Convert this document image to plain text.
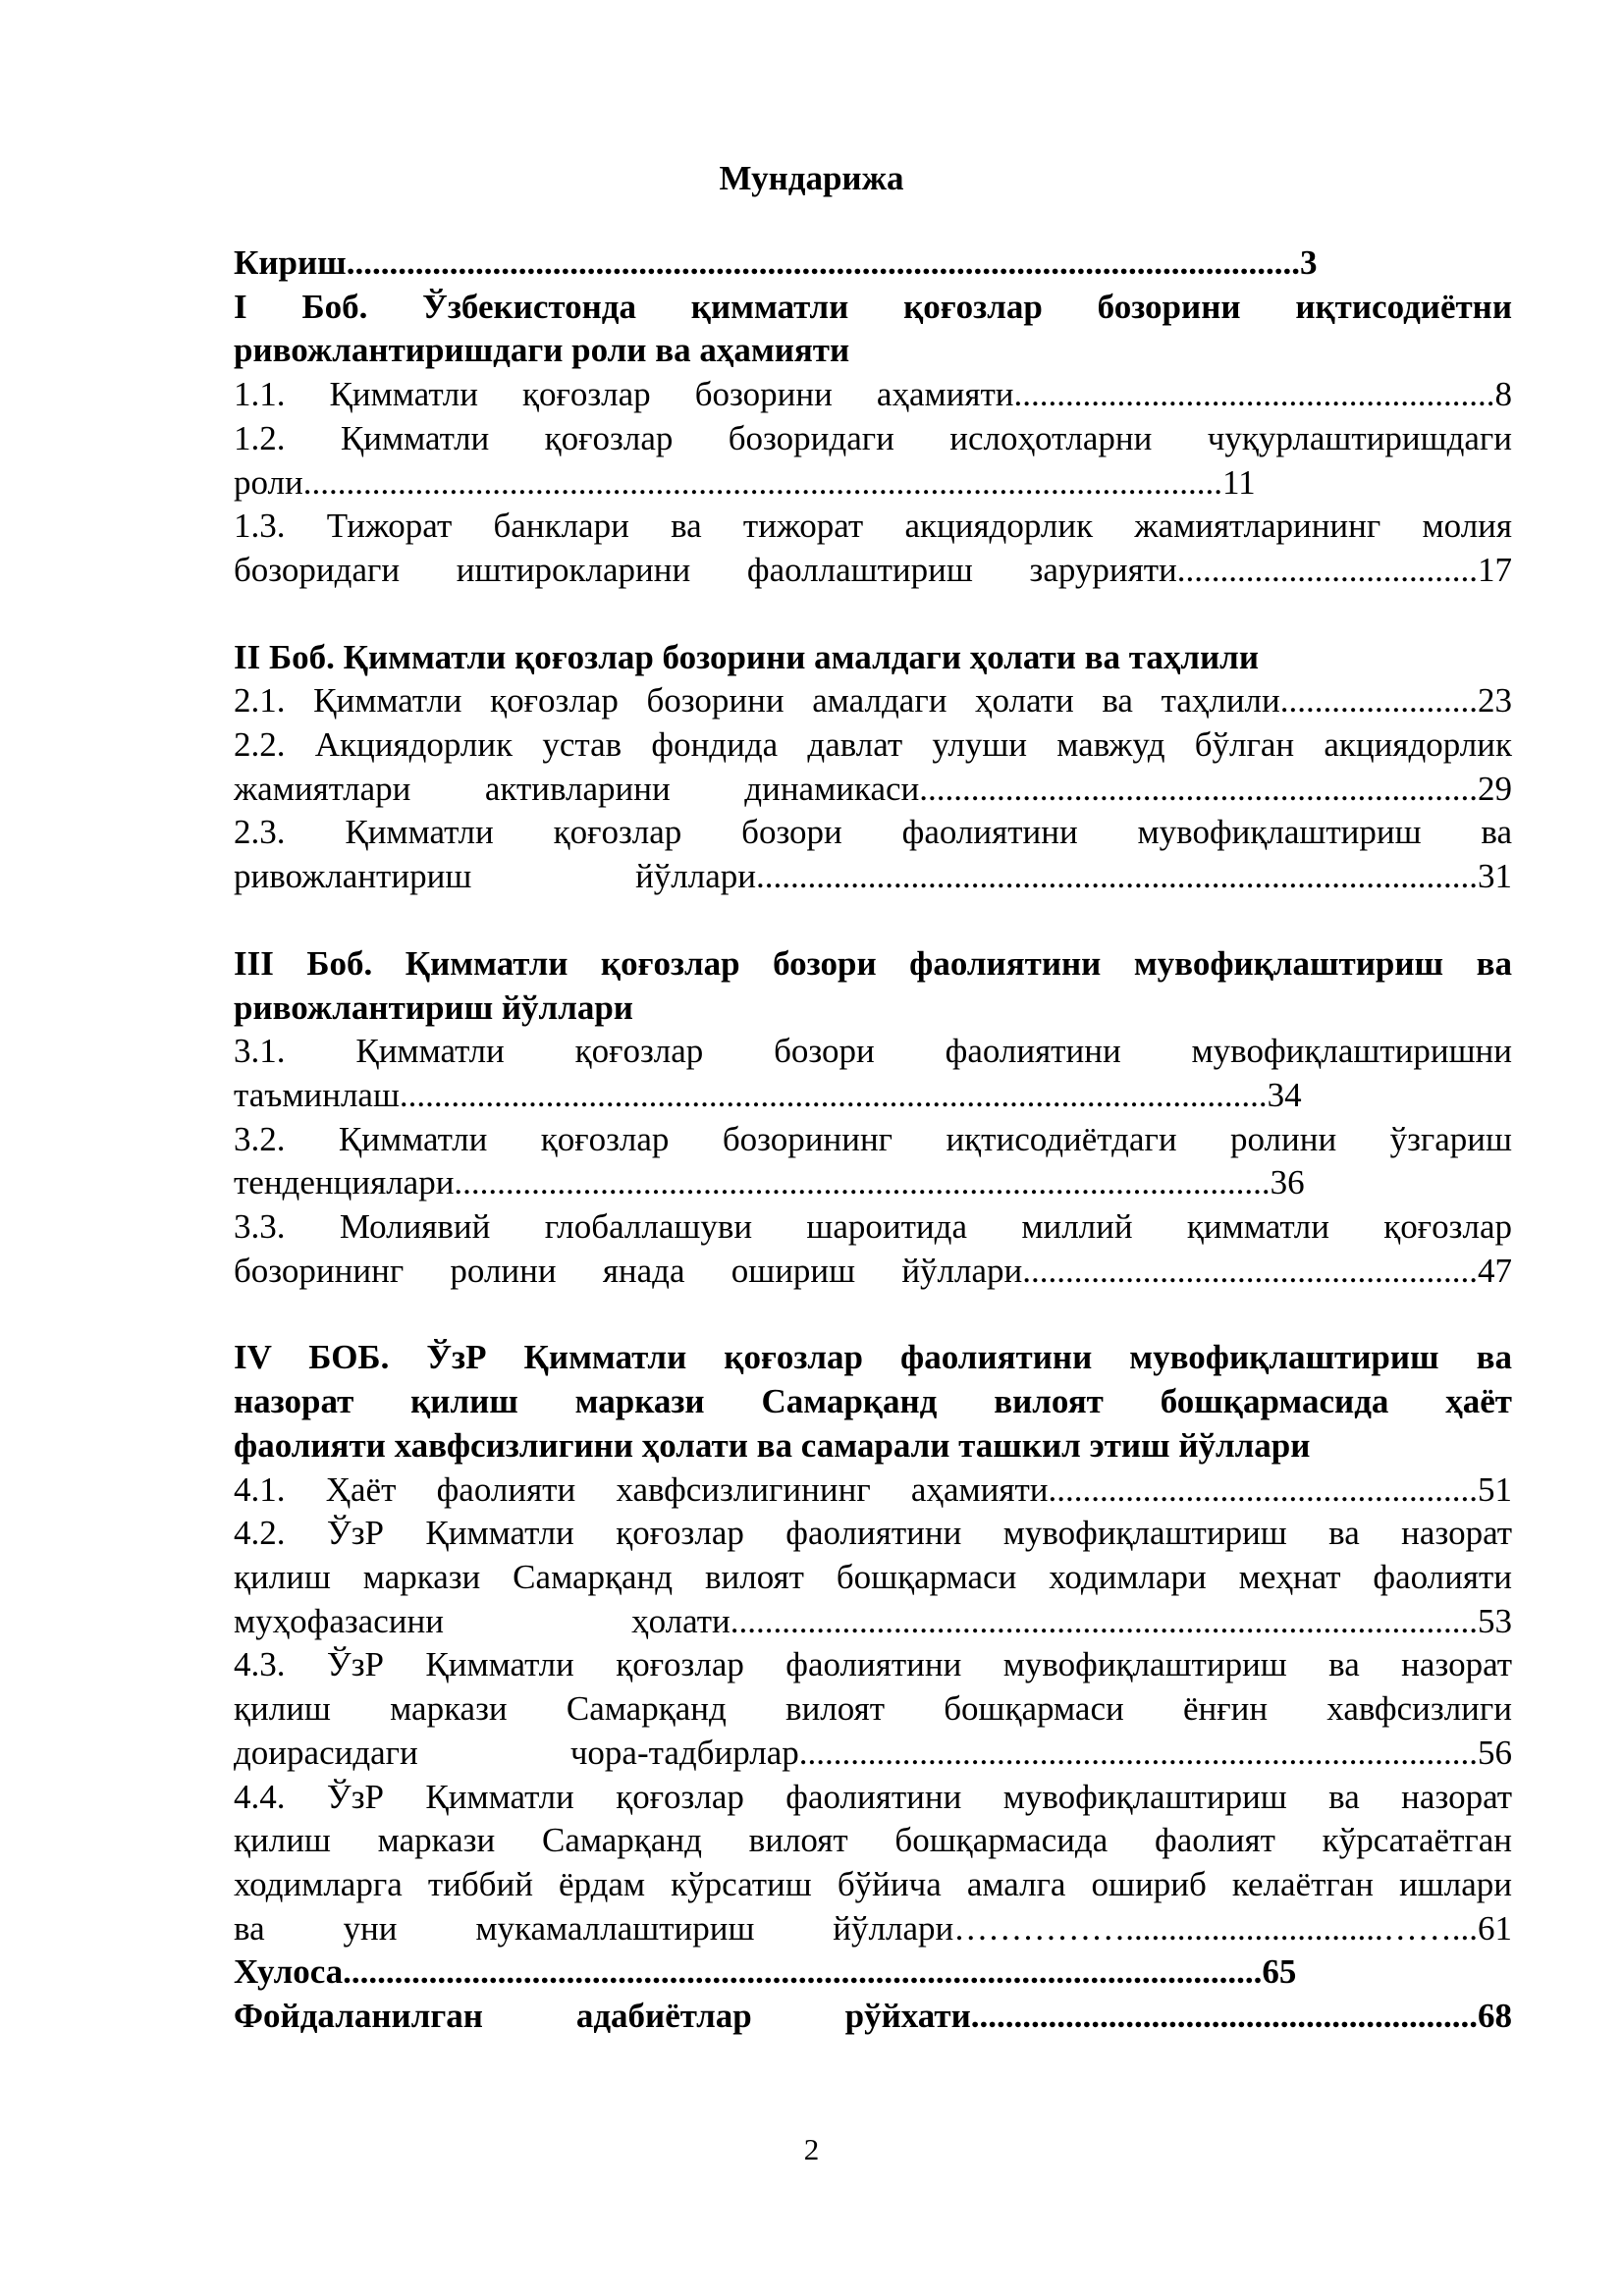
Мундарижа

Кириш...............................................................................................................3

I Боб. Ўзбекистонда қимматли қоғозлар бозорини иқтисодиётни

ривожлантиришдаги роли ва аҳамияти

1.1. Қимматли қоғозлар бозорини аҳамияти........................................................8

1.2. Қимматли қоғозлар бозоридаги ислоҳотларни чуқурлаштиришдаги

роли...........................................................................................................11

1.3. Тижорат банклари ва тижорат акциядорлик жамиятларининг молия

бозоридаги иштирокларини фаоллаштириш зарурияти...................................17

II Боб. Қимматли қоғозлар бозорини амалдаги ҳолати ва таҳлили

2.1. Қимматли қоғозлар бозорини амалдаги ҳолати ва таҳлили.......................23

2.2. Акциядорлик устав фондида давлат улуши мавжуд бўлган акциядорлик

жамиятлари активларини динамикаси.................................................................29

2.3. Қимматли қоғозлар бозори фаолиятини мувофиқлаштириш ва

ривожлантириш йўллари....................................................................................31

III Боб. Қимматли қоғозлар бозори фаолиятини мувофиқлаштириш ва

ривожлантириш йўллари

3.1. Қимматли қоғозлар бозори фаолиятини мувофиқлаштиришни

таъминлаш.....................................................................................................34

3.2. Қимматли қоғозлар бозорининг иқтисодиётдаги ролини ўзгариш

тенденциялари...............................................................................................36

3.3. Молиявий глобаллашуви шароитида миллий қимматли қоғозлар

бозорининг ролини янада ошириш йўллари.....................................................47

IV БОБ. ЎзР Қимматли қоғозлар фаолиятини мувофиқлаштириш ва

назорат қилиш маркази Самарқанд вилоят бошқармасида ҳаёт

фаолияти хавфсизлигини ҳолати ва самарали ташкил этиш йўллари

4.1. Ҳаёт фаолияти хавфсизлигининг аҳамияти..................................................51

4.2. ЎзР Қимматли қоғозлар фаолиятини мувофиқлаштириш ва назорат

қилиш маркази Самарқанд вилоят бошқармаси ходимлари меҳнат фаолияти

муҳофазасини ҳолати.......................................................................................53

4.3. ЎзР Қимматли қоғозлар фаолиятини мувофиқлаштириш ва назорат

қилиш маркази Самарқанд вилоят бошқармаси ёнғин хавфсизлиги

доирасидаги чора-тадбирлар...............................................................................56

4.4. ЎзР Қимматли қоғозлар фаолиятини мувофиқлаштириш ва назорат

қилиш маркази Самарқанд вилоят бошқармасида фаолият кўрсатаётган

ходимларга тиббий ёрдам кўрсатиш бўйича амалга ошириб келаётган ишлари

ва уни мукамаллаштириш йўллари……………..............................……...61

Хулоса...........................................................................................................65

Фойдаланилган адабиётлар рўйхати...........................................................68

2
